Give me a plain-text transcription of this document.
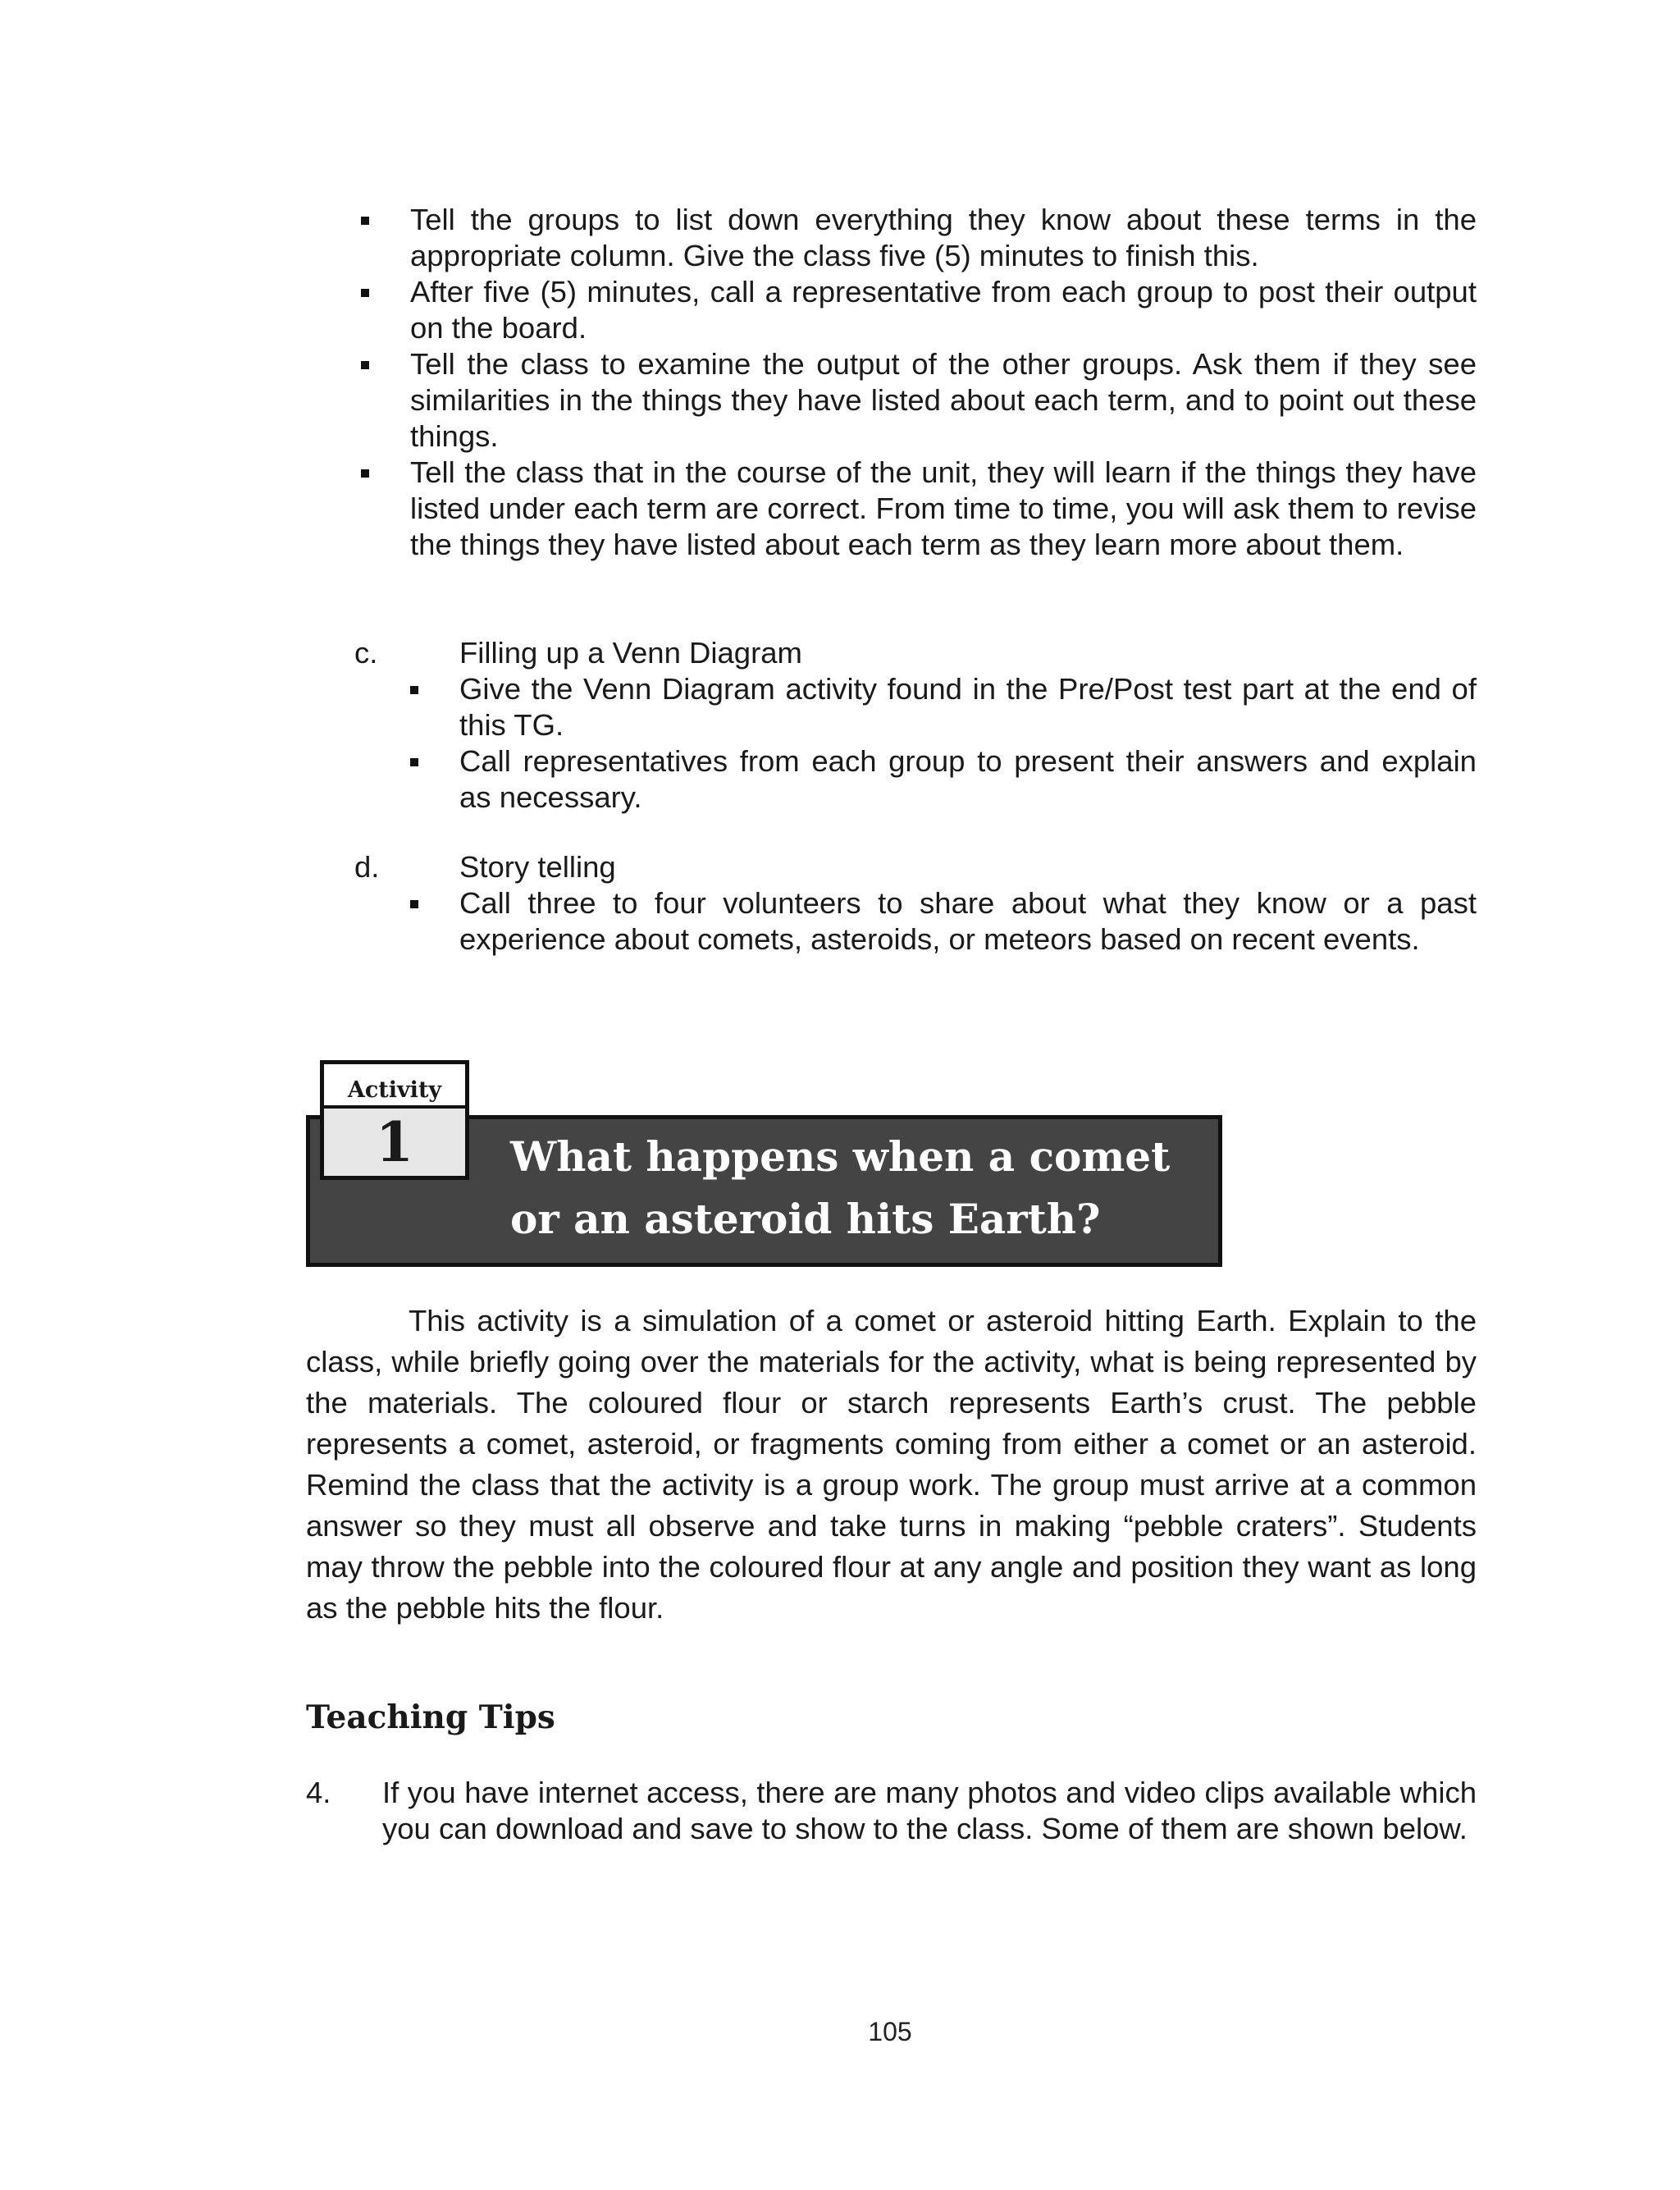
Tell the groups to list down everything they know about these terms in the appropriate column. Give the class five (5) minutes to finish this.
After five (5) minutes, call a representative from each group to post their output on the board.
Tell the class to examine the output of the other groups. Ask them if they see similarities in the things they have listed about each term, and to point out these things.
Tell the class that in the course of the unit, they will learn if the things they have listed under each term are correct. From time to time, you will ask them to revise the things they have listed about each term as they learn more about them.
c.	Filling up a Venn Diagram
Give the Venn Diagram activity found in the Pre/Post test part at the end of this TG.
Call representatives from each group to present their answers and explain as necessary.
d.	Story telling
Call three to four volunteers to share about what they know or a past experience about comets, asteroids, or meteors based on recent events.
What happens when a comet
or an asteroid hits Earth?
Activity
1

This activity is a simulation of a comet or asteroid hitting Earth. Explain to the class, while briefly going over the materials for the activity, what is being represented by the materials. The coloured flour or starch represents Earth’s crust. The pebble represents a comet, asteroid, or fragments coming from either a comet or an asteroid. Remind the class that the activity is a group work. The group must arrive at a common answer so they must all observe and take turns in making “pebble craters”. Students may throw the pebble into the coloured flour at any angle and position they want as long as the pebble hits the flour.

Teaching Tips
4. If you have internet access, there are many photos and video clips available which you can download and save to show to the class. Some of them are shown below.
105
